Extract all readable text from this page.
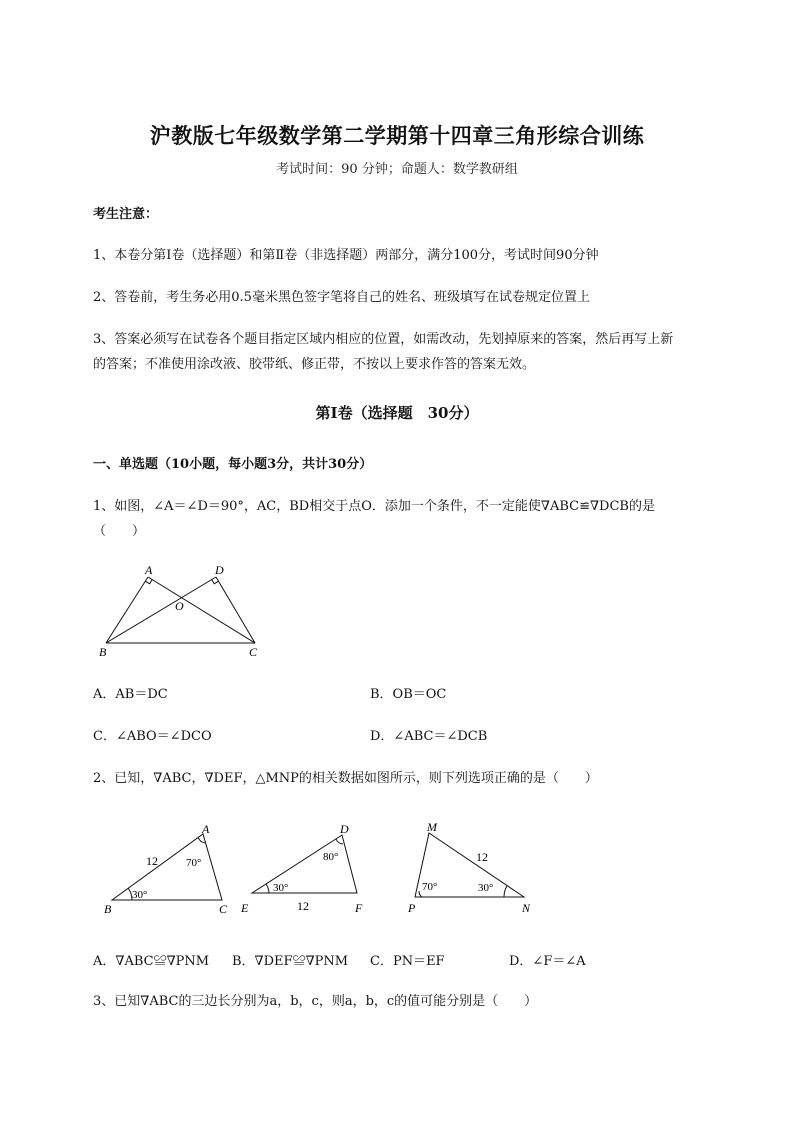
沪教版七年级数学第二学期第十四章三角形综合训练
考试时间：90 分钟；命题人：数学教研组
考生注意：
1、本卷分第Ⅰ卷（选择题）和第Ⅱ卷（非选择题）两部分，满分100分，考试时间90分钟
2、答卷前，考生务必用0.5毫米黑色签字笔将自己的姓名、班级填写在试卷规定位置上
3、答案必须写在试卷各个题目指定区域内相应的位置，如需改动，先划掉原来的答案，然后再写上新
的答案；不准使用涂改液、胶带纸、修正带，不按以上要求作答的答案无效。
第Ⅰ卷（选择题　30分）
一、单选题（10小题，每小题3分，共计30分）
1、如图，∠A＝∠D＝90°，AC，BD相交于点O．添加一个条件，不一定能使∇ABC≌∇DCB的是
（　　）
A	D
O
B	C
A．AB＝DC	B．OB＝OC
C．∠ABO＝∠DCO	D．∠ABC＝∠DCB
2、已知，∇ABC，∇DEF，△MNP的相关数据如图所示，则下列选项正确的是（　　）
A
B	C
12	70°
30°
D
E	F
12
80°
30°
M
N
P
12
70°	30°
A．∇ABC≌∇PNM B．∇DEF≌∇PNM C．PN＝EF	D．∠F＝∠A
3、已知∇ABC的三边长分别为a，b，c，则a，b，c的值可能分别是（　　）
